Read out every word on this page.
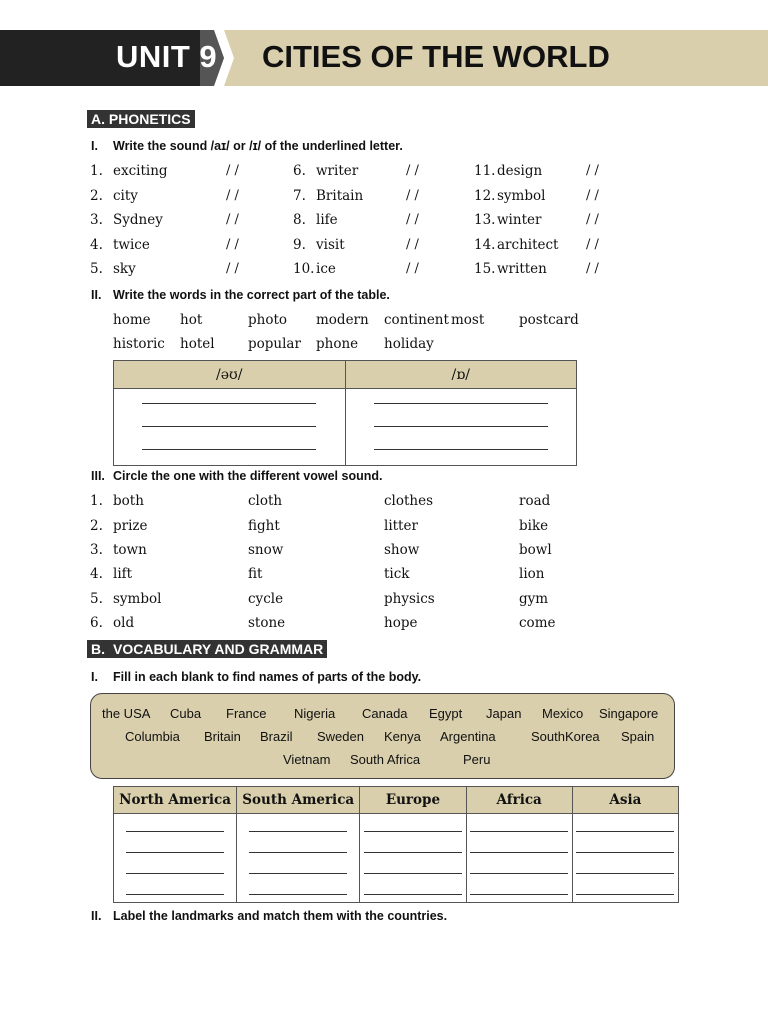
UNIT 9 CITIES OF THE WORLD
A. PHONETICS
I. Write the sound /aɪ/ or /ɪ/ of the underlined letter.
1. exciting	/ /
2. city	/ /
3. Sydney	/ /
4. twice	/ /
5. sky	/ /
6. writer	/ /
7. Britain	/ /
8. life	/ /
9. visit	/ /
10. ice	/ /
11. design	/ /
12. symbol	/ /
13. winter	/ /
14. architect / /
15. written	/ /
II. Write the words in the correct part of the table.
home hot	photo modern continent most	postcard
historic hotel popular phone holiday
/əʊ/	/ɒ/

III. Circle the one with the different vowel sound.
1. both	cloth	clothes	road
2. prize	fight	litter	bike
3. town	snow	show	bowl
4. lift	fit	tick	lion
5. symbol	cycle	physics	gym
6. old	stone	hope	come
B. VOCABULARY AND GRAMMAR
I. Fill in each blank to find names of parts of the body.
the USA Cuba France Nigeria Canada Egypt Japan Mexico Singapore
Columbia Britain Brazil Sweden Kenya Argentina	SouthKorea Spain
Vietnam South Africa	Peru
North America	South America	Europe	Africa	Asia

II. Label the landmarks and match them with the countries.
